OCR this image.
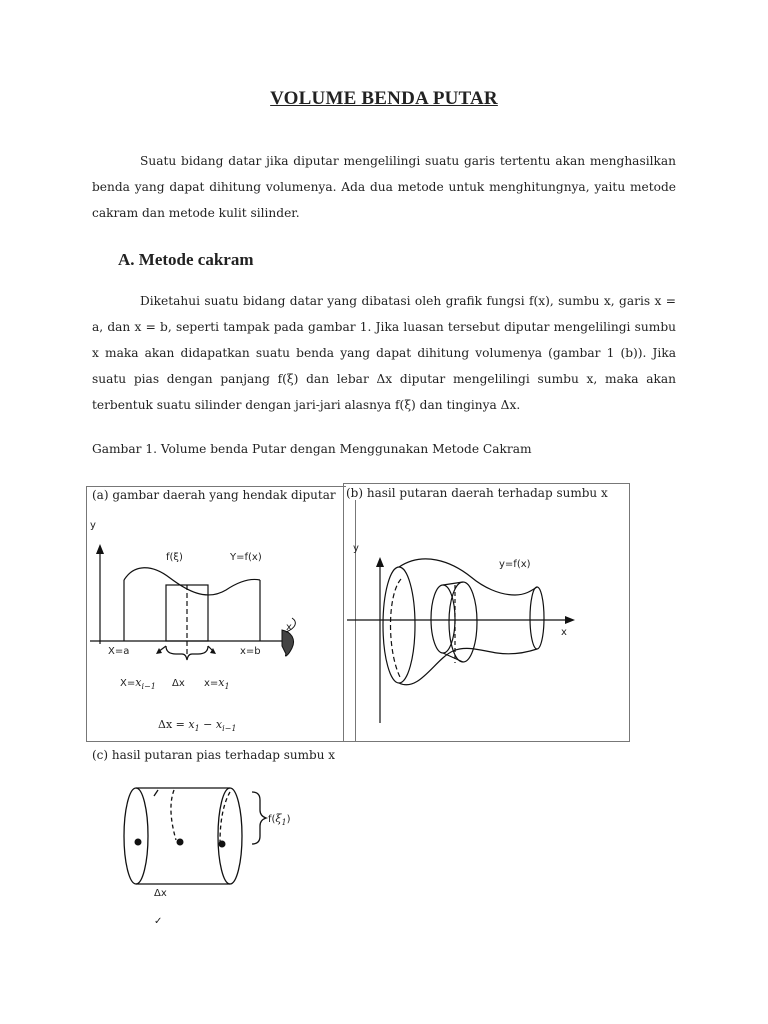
VOLUME BENDA PUTAR
Suatu bidang datar jika diputar mengelilingi suatu garis tertentu akan menghasilkan benda yang dapat dihitung volumenya. Ada dua metode untuk menghitungnya, yaitu metode cakram dan metode kulit silinder.
A. Metode cakram
Diketahui suatu bidang datar yang dibatasi oleh grafik fungsi f(x), sumbu x, garis x = a, dan x = b, seperti tampak pada gambar 1. Jika luasan tersebut diputar mengelilingi sumbu x maka akan didapatkan suatu benda yang dapat dihitung volumenya (gambar 1 (b)). Jika suatu pias dengan panjang f(ξ) dan lebar Δx diputar mengelilingi sumbu x, maka akan terbentuk suatu silinder dengan jari-jari alasnya f(ξ) dan tinginya Δx.
Gambar 1. Volume benda Putar dengan Menggunakan Metode Cakram
(a) gambar daerah yang hendak diputar (b) hasil putaran daerah terhadap sumbu x
y
f(ξ)	Y=f(x)
x
X=a	x=b
X=xi−1 Δx x=x1
Δx = x1 − xi−1
y
y=f(x)
x
(c) hasil putaran pias terhadap sumbu x
f(ξ1)
Δx
✓
